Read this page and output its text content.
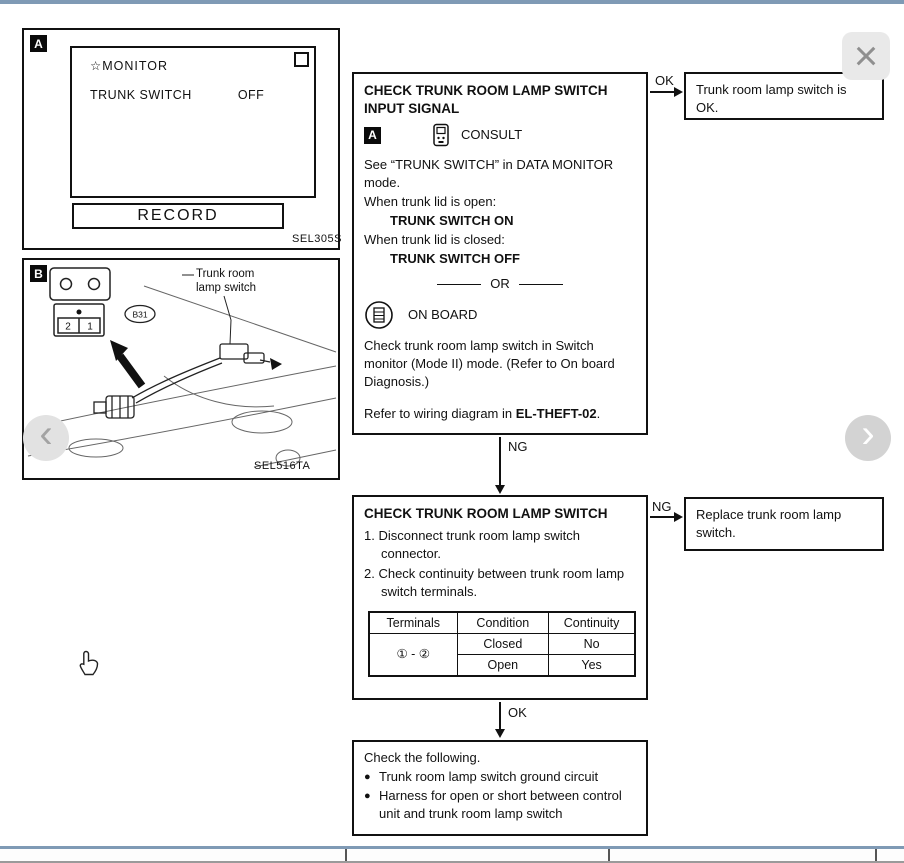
A
☆MONITOR
TRUNK SWITCH	OFF
RECORD
SEL305S
2 1
B31
B	Trunk room lamp switch
SEL516TA
CHECK TRUNK ROOM LAMP SWITCH INPUT SIGNAL
A	CONSULT
See “TRUNK SWITCH” in DATA MONITOR mode.
When trunk lid is open:
TRUNK SWITCH ON
When trunk lid is closed:
TRUNK SWITCH OFF
OR
ON BOARD
Check trunk room lamp switch in Switch monitor (Mode II) mode. (Refer to On board Diagnosis.)
Refer to wiring diagram in EL-THEFT-02.
OK
Trunk room lamp switch is OK.
NG
CHECK TRUNK ROOM LAMP SWITCH
1. Disconnect trunk room lamp switch connector.
2. Check continuity between trunk room lamp switch terminals.
Terminals	Condition	Continuity
① - ②	Closed	No
	Open	Yes
NG
Replace trunk room lamp switch.
OK
Check the following.
● Trunk room lamp switch ground circuit
● Harness for open or short between control unit and trunk room lamp switch
×
‹	›
